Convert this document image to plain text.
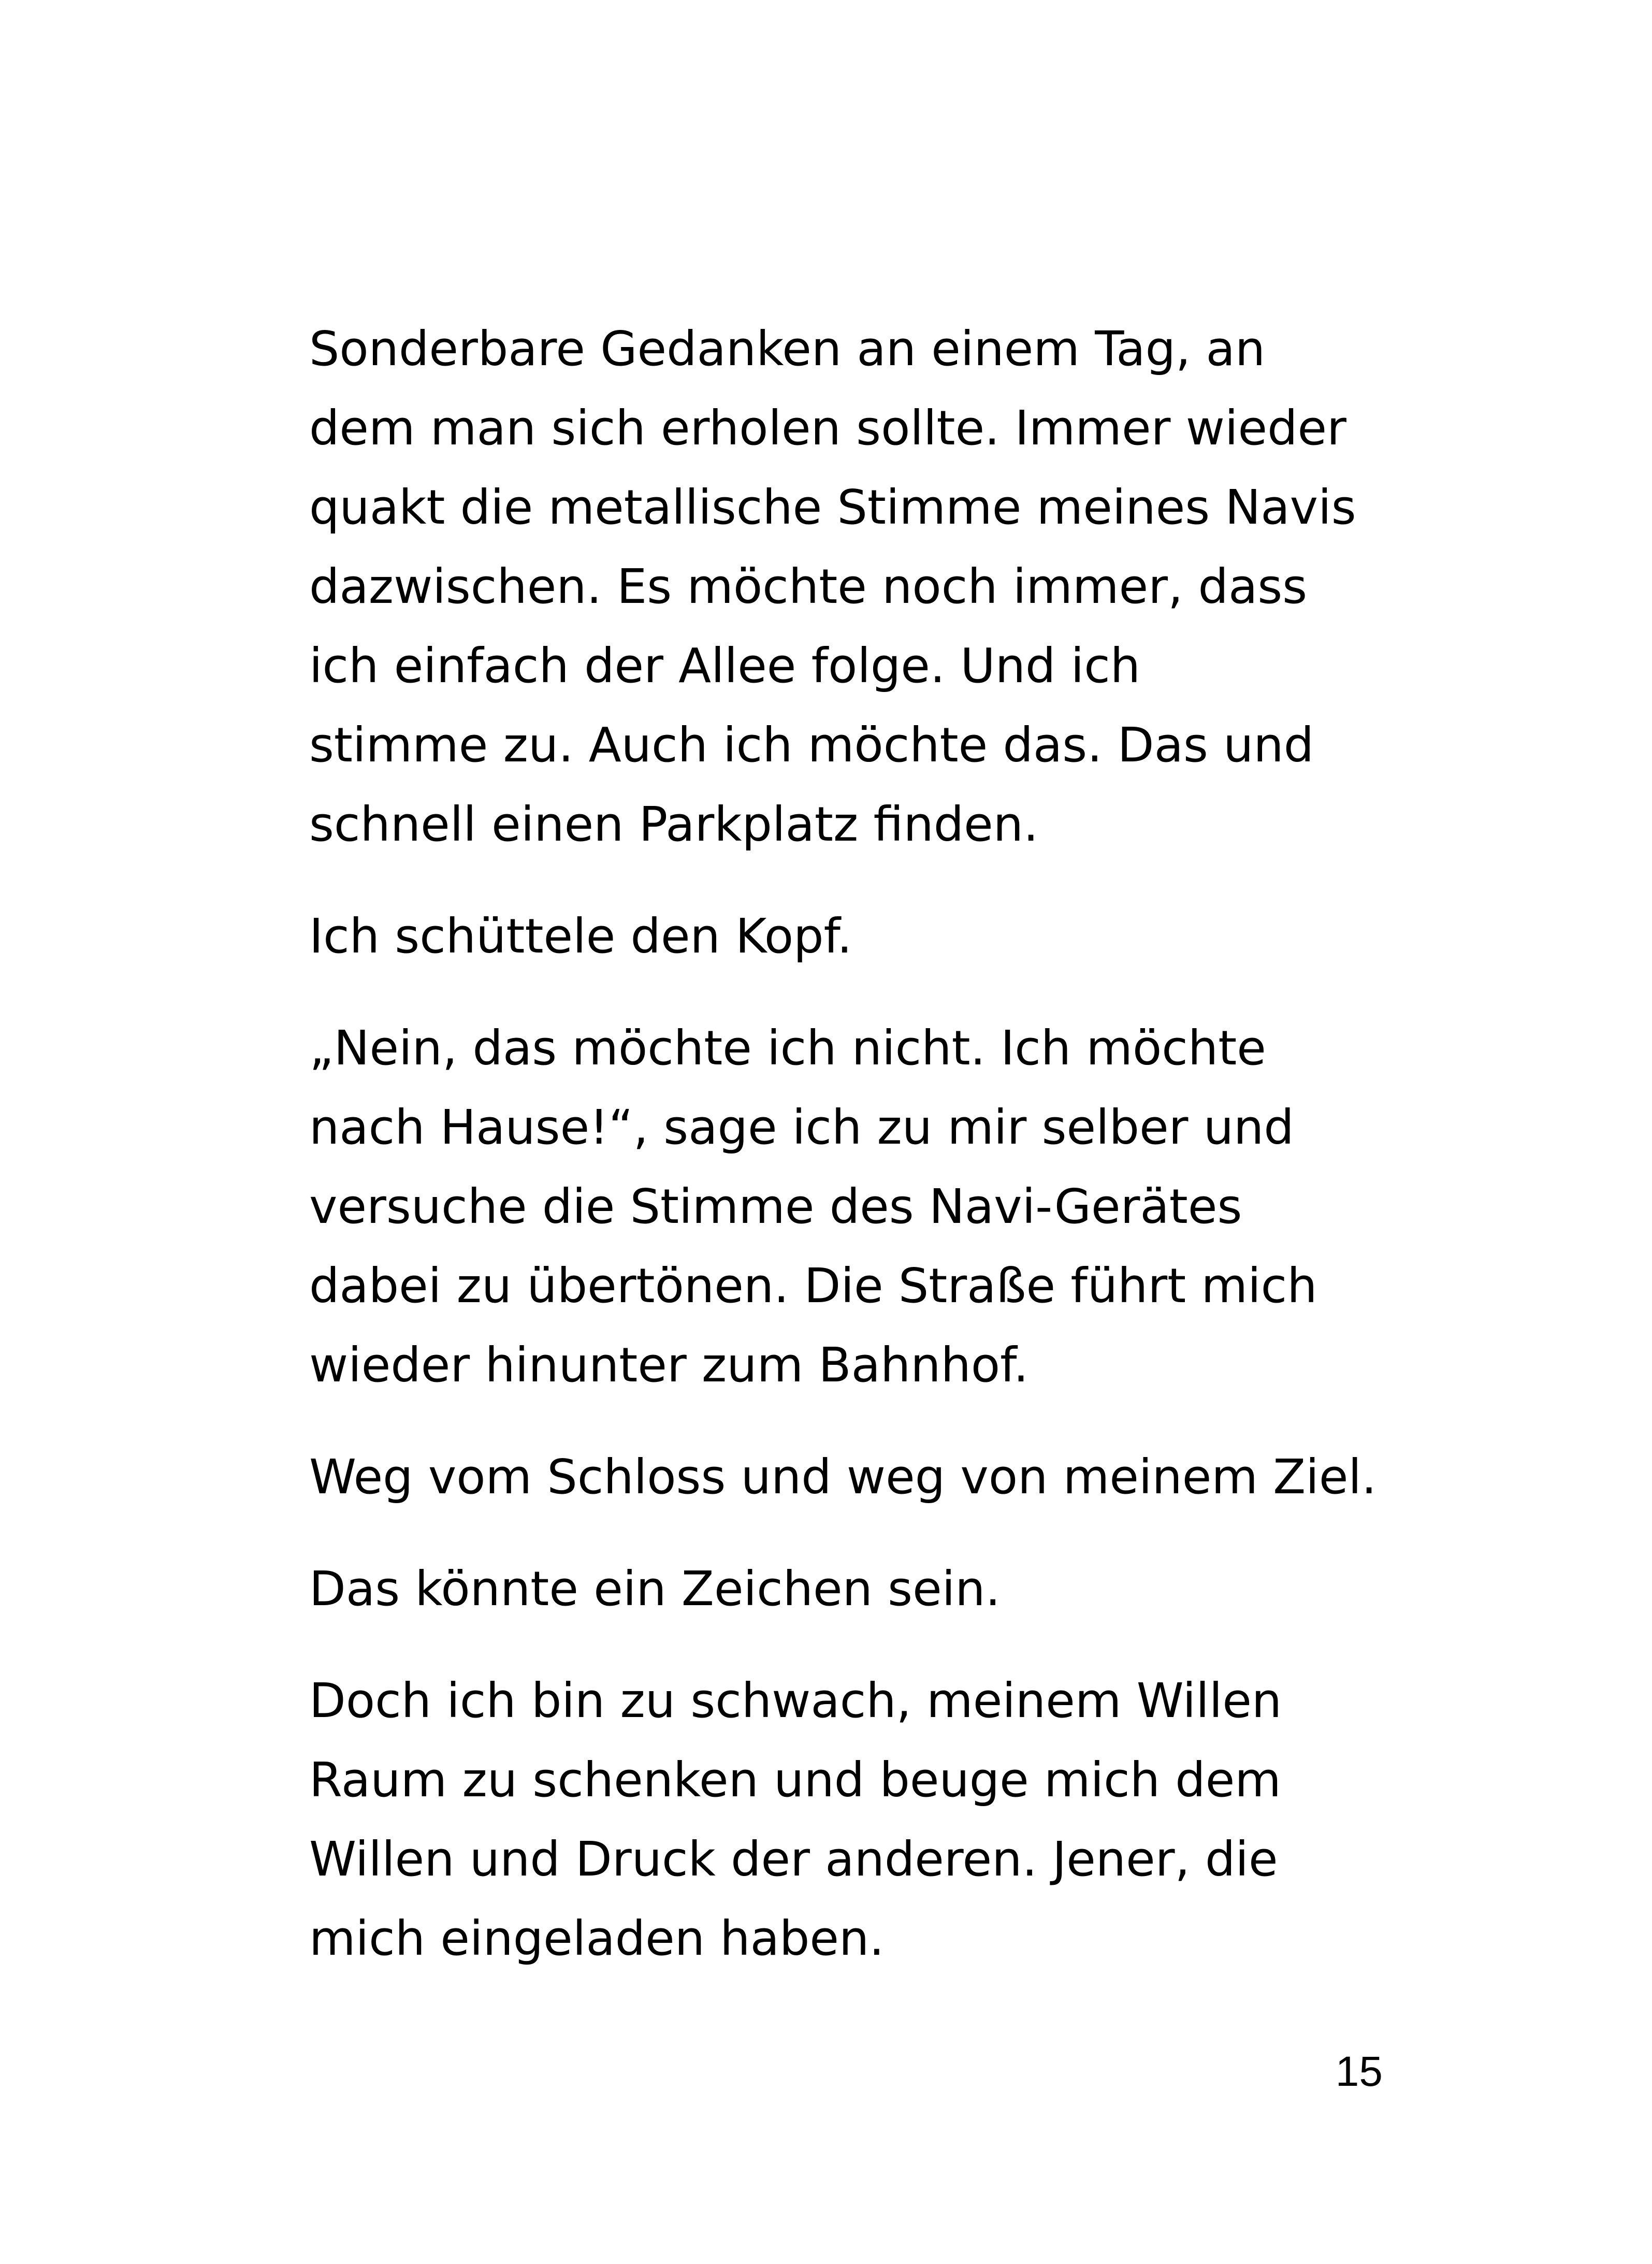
Sonderbare Gedanken an einem Tag, an
dem man sich erholen sollte. Immer wieder
quakt die metallische Stimme meines Navis
dazwischen. Es möchte noch immer, dass
ich einfach der Allee folge. Und ich
stimme zu. Auch ich möchte das. Das und
schnell einen Parkplatz finden.
Ich schüttele den Kopf.
„Nein, das möchte ich nicht. Ich möchte
nach Hause!“, sage ich zu mir selber und
versuche die Stimme des Navi-Gerätes
dabei zu übertönen. Die Straße führt mich
wieder hinunter zum Bahnhof.
Weg vom Schloss und weg von meinem Ziel.
Das könnte ein Zeichen sein.
Doch ich bin zu schwach, meinem Willen
Raum zu schenken und beuge mich dem
Willen und Druck der anderen. Jener, die
mich eingeladen haben.
15
